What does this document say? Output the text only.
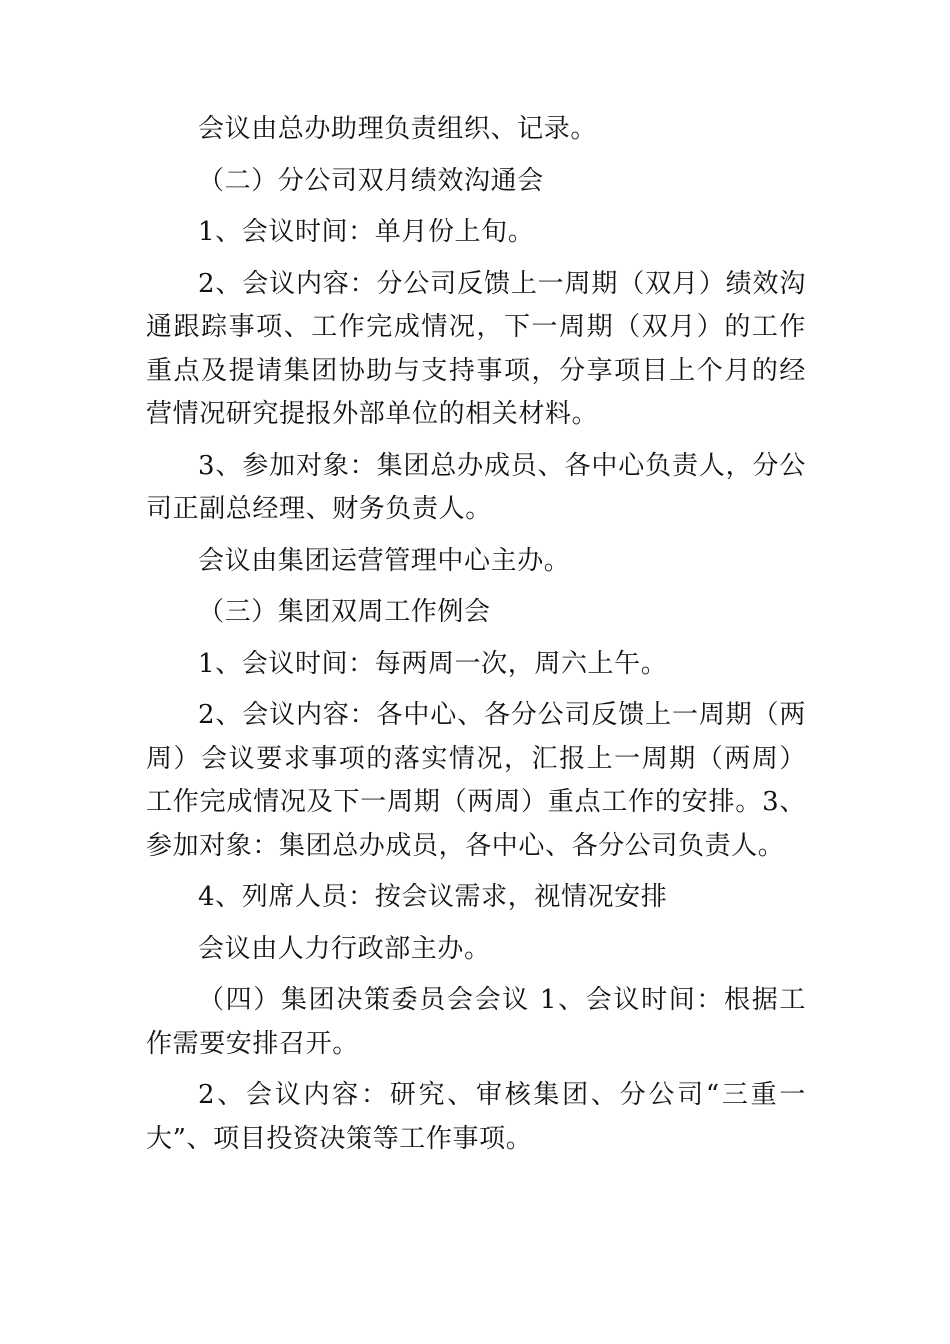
会议由总办助理负责组织、记录。

（二）分公司双月绩效沟通会

1、会议时间：单月份上旬。

2、会议内容：分公司反馈上一周期（双月）绩效沟通跟踪事项、工作完成情况，下一周期（双月）的工作重点及提请集团协助与支持事项，分享项目上个月的经营情况研究提报外部单位的相关材料。

3、参加对象：集团总办成员、各中心负责人，分公司正副总经理、财务负责人。

会议由集团运营管理中心主办。

（三）集团双周工作例会

1、会议时间：每两周一次，周六上午。

2、会议内容：各中心、各分公司反馈上一周期（两周）会议要求事项的落实情况，汇报上一周期（两周）工作完成情况及下一周期（两周）重点工作的安排。3、参加对象：集团总办成员，各中心、各分公司负责人。

4、列席人员：按会议需求，视情况安排

会议由人力行政部主办。

（四）集团决策委员会会议 1、会议时间：根据工作需要安排召开。

2、会议内容：研究、审核集团、分公司“三重一大”、项目投资决策等工作事项。
